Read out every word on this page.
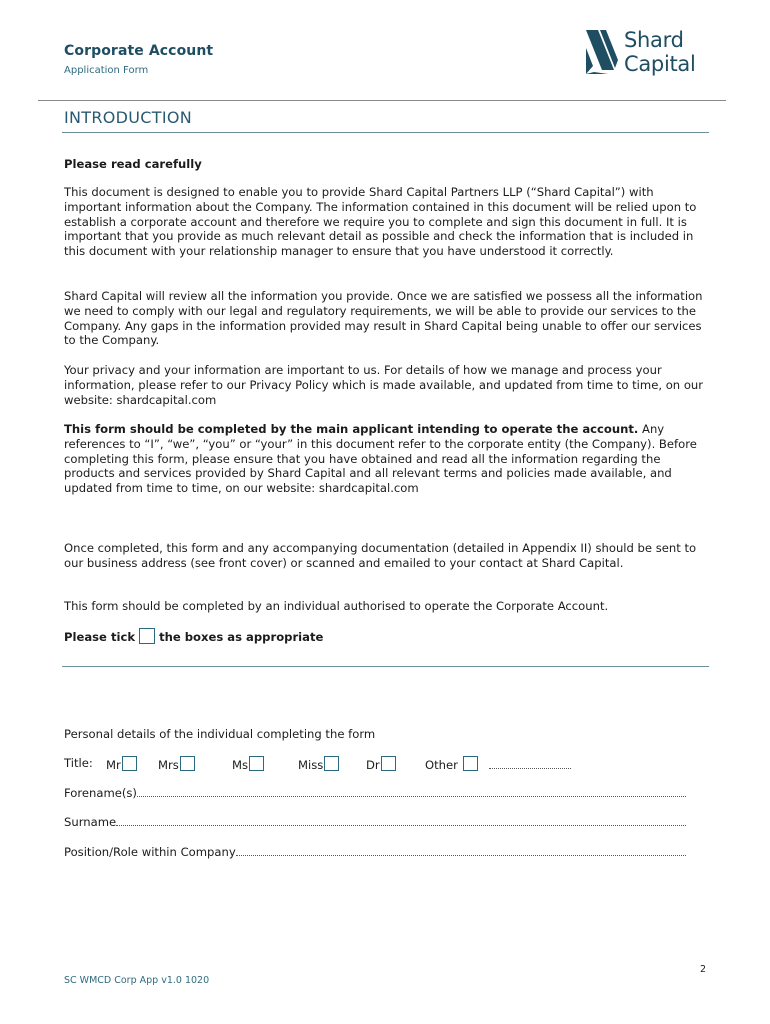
Corporate Account
Application Form
Shard
Capital
INTRODUCTION
Please read carefully
This document is designed to enable you to provide Shard Capital Partners LLP (“Shard Capital”) with important information about the Company. The information contained in this document will be relied upon to establish a corporate account and therefore we require you to complete and sign this document in full. It is important that you provide as much relevant detail as possible and check the information that is included in this document with your relationship manager to ensure that you have understood it correctly.
Shard Capital will review all the information you provide. Once we are satisfied we possess all the information we need to comply with our legal and regulatory requirements, we will be able to provide our services to the Company. Any gaps in the information provided may result in Shard Capital being unable to offer our services to the Company.
Your privacy and your information are important to us. For details of how we manage and process your information, please refer to our Privacy Policy which is made available, and updated from time to time, on our website: shardcapital.com
This form should be completed by the main applicant intending to operate the account. Any references to “I”, “we”, “you” or “your” in this document refer to the corporate entity (the Company). Before completing this form, please ensure that you have obtained and read all the information regarding the products and services provided by Shard Capital and all relevant terms and policies made available, and updated from time to time, on our website: shardcapital.com
Once completed, this form and any accompanying documentation (detailed in Appendix II) should be sent to our business address (see front cover) or scanned and emailed to your contact at Shard Capital.
This form should be completed by an individual authorised to operate the Corporate Account.
Please tick the boxes as appropriate
Personal details of the individual completing the form
Title: Mr	Mrs	Ms	Miss	Dr	Other
Forename(s)
Surname
Position/Role within Company
2
SC WMCD Corp App v1.0 1020
